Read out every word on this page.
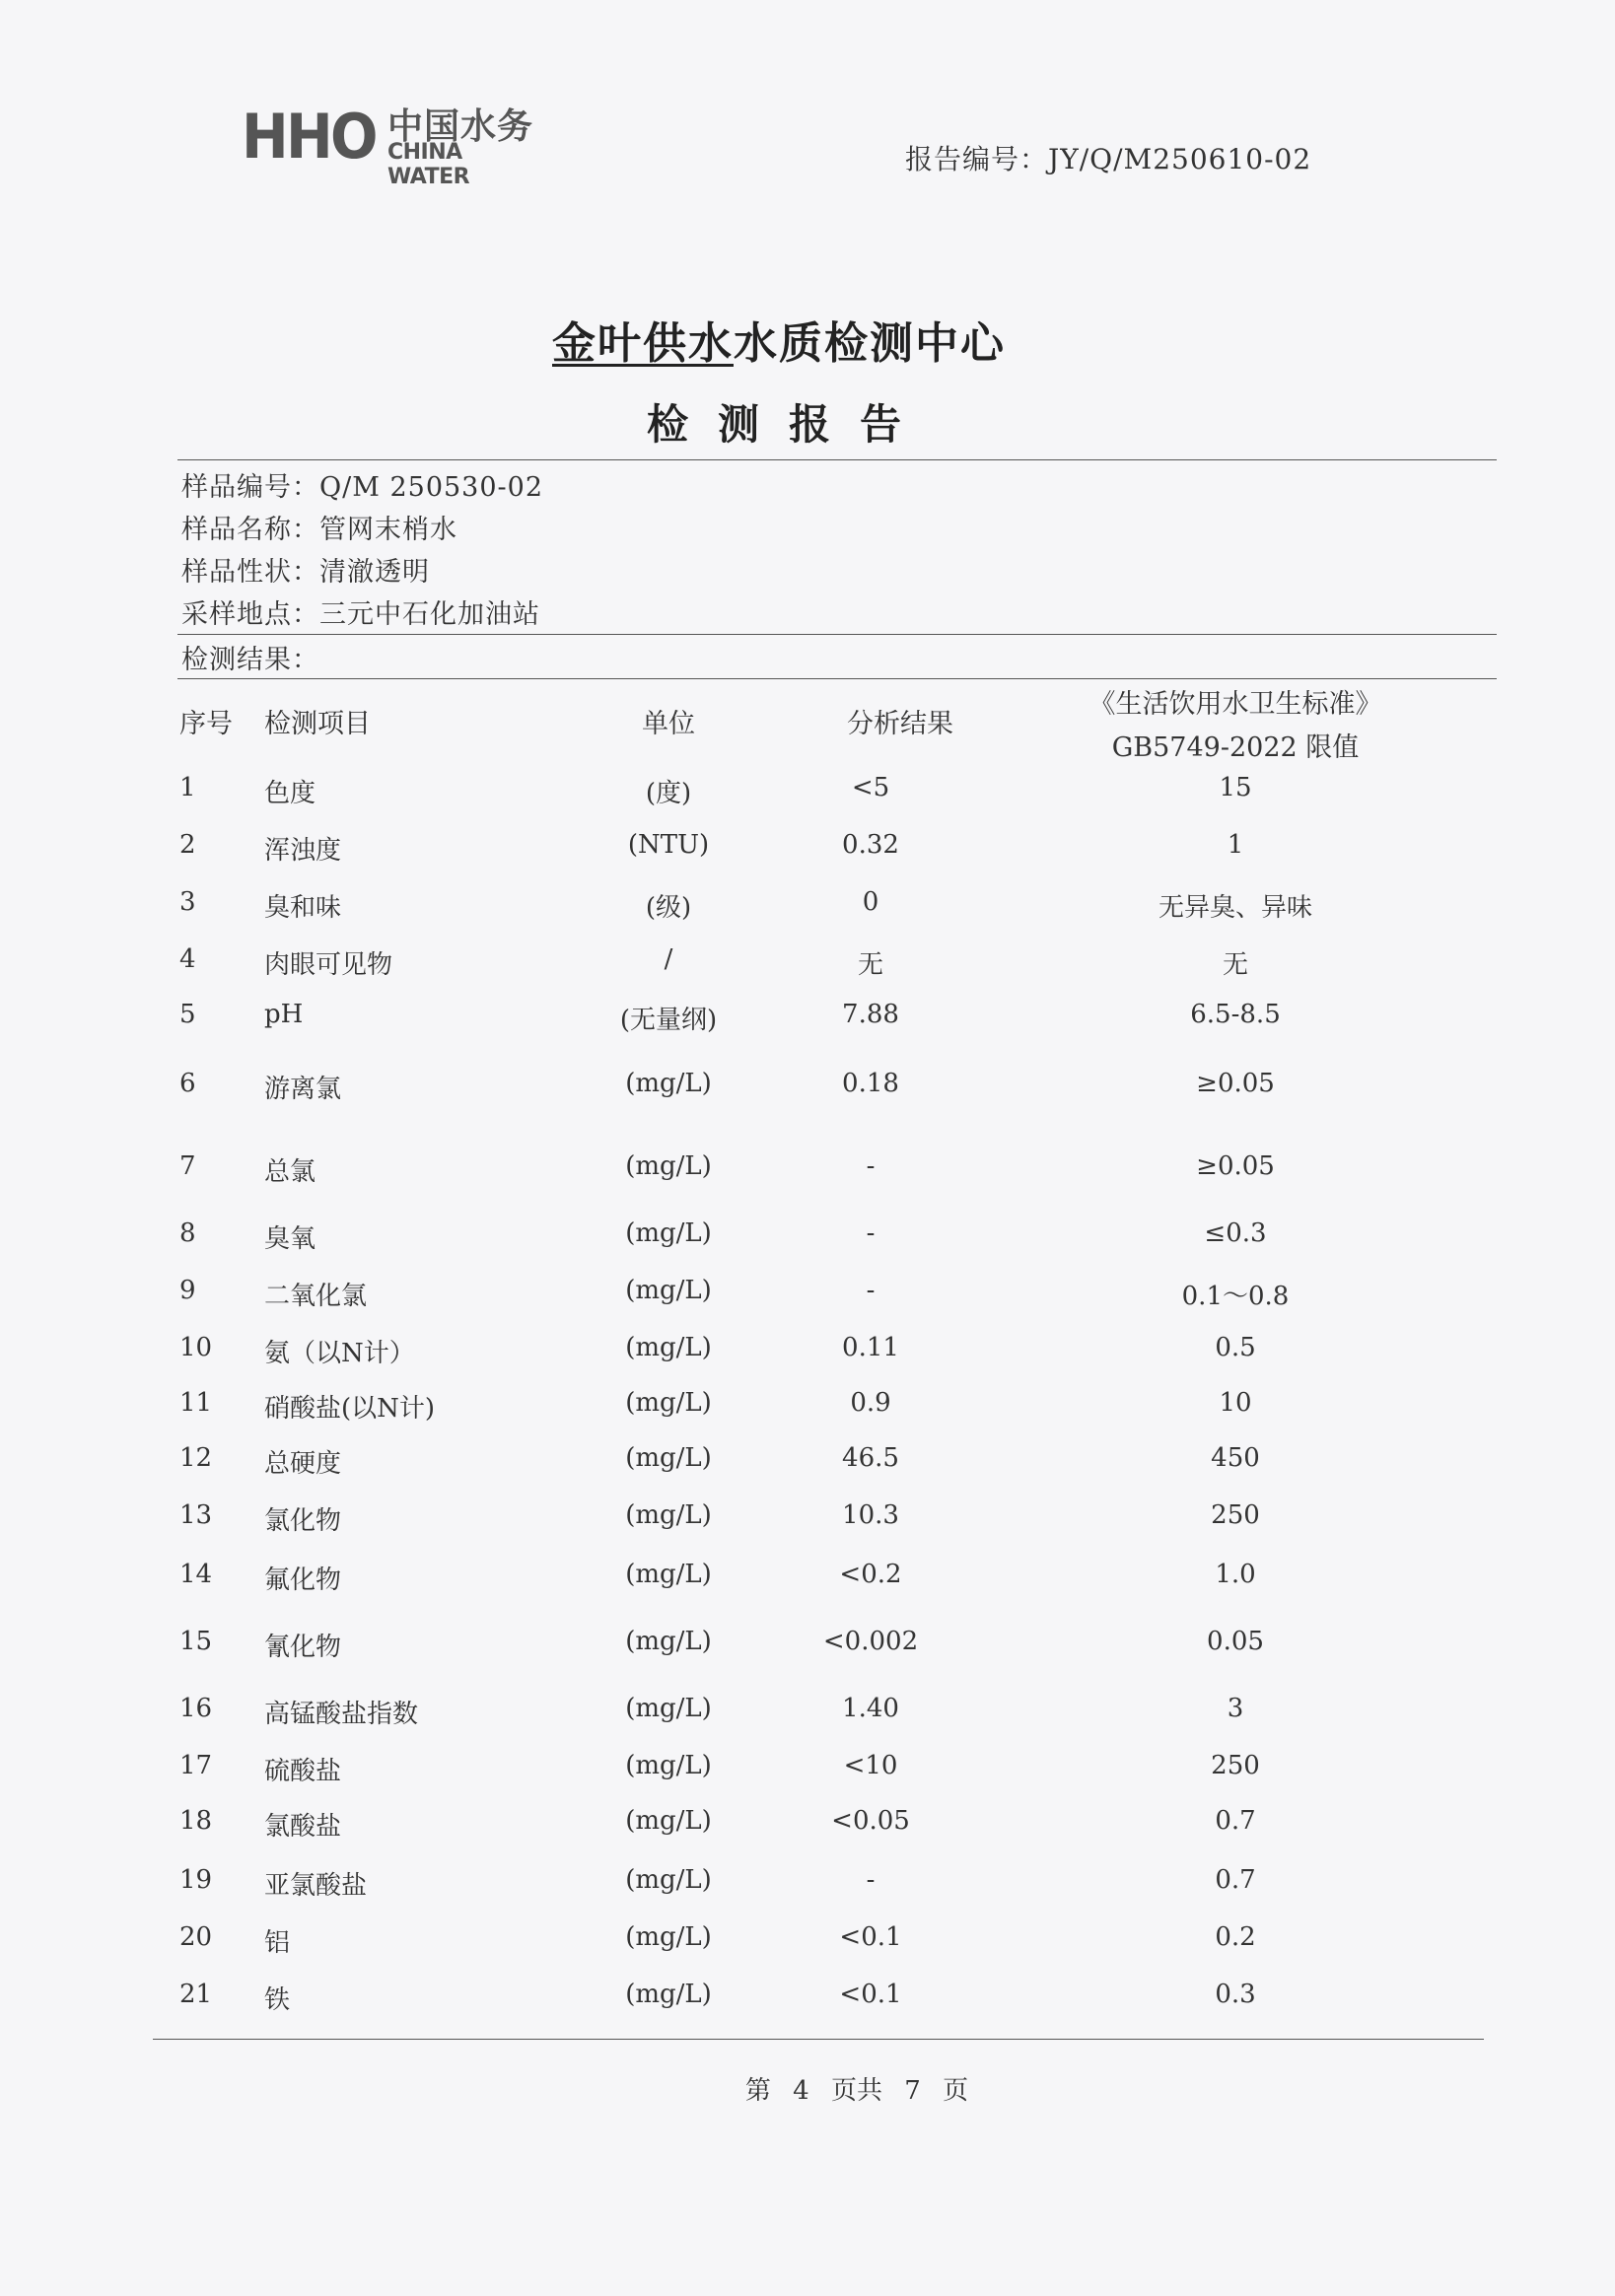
HHO 中国水务
CHINA WATER
报告编号：JY/Q/M250610-02
金叶供水水质检测中心
检测报告
样品编号：Q/M 250530-02
样品名称：管网末梢水
样品性状：清澈透明
采样地点：三元中石化加油站
检测结果：
序号 检测项目	单位	分析结果
《生活饮用水卫生标准》
GB5749-2022 限值
1	色度	(度)	<5	15
2	浑浊度	(NTU)	0.32	1
3	臭和味	(级)	0	无异臭、异味
4	肉眼可见物	/	无	无
5	pH	(无量纲)	7.88	6.5-8.5
6	游离氯	(mg/L)	0.18	≥0.05
7	总氯	(mg/L)	-	≥0.05
8	臭氧	(mg/L)	-	≤0.3
9	二氧化氯	(mg/L)	-	0.1～0.8
10 氨（以N计）	(mg/L)	0.11	0.5
11 硝酸盐(以N计)	(mg/L)	0.9	10
12 总硬度	(mg/L)	46.5	450
13 氯化物	(mg/L)	10.3	250
14 氟化物	(mg/L)	<0.2	1.0
15 氰化物	(mg/L)	<0.002	0.05
16 高锰酸盐指数	(mg/L)	1.40	3
17 硫酸盐	(mg/L)	<10	250
18 氯酸盐	(mg/L)	<0.05	0.7
19 亚氯酸盐	(mg/L)	-	0.7
20 铝	(mg/L)	<0.1	0.2
21 铁	(mg/L)	<0.1	0.3
第 4 页共 7 页
